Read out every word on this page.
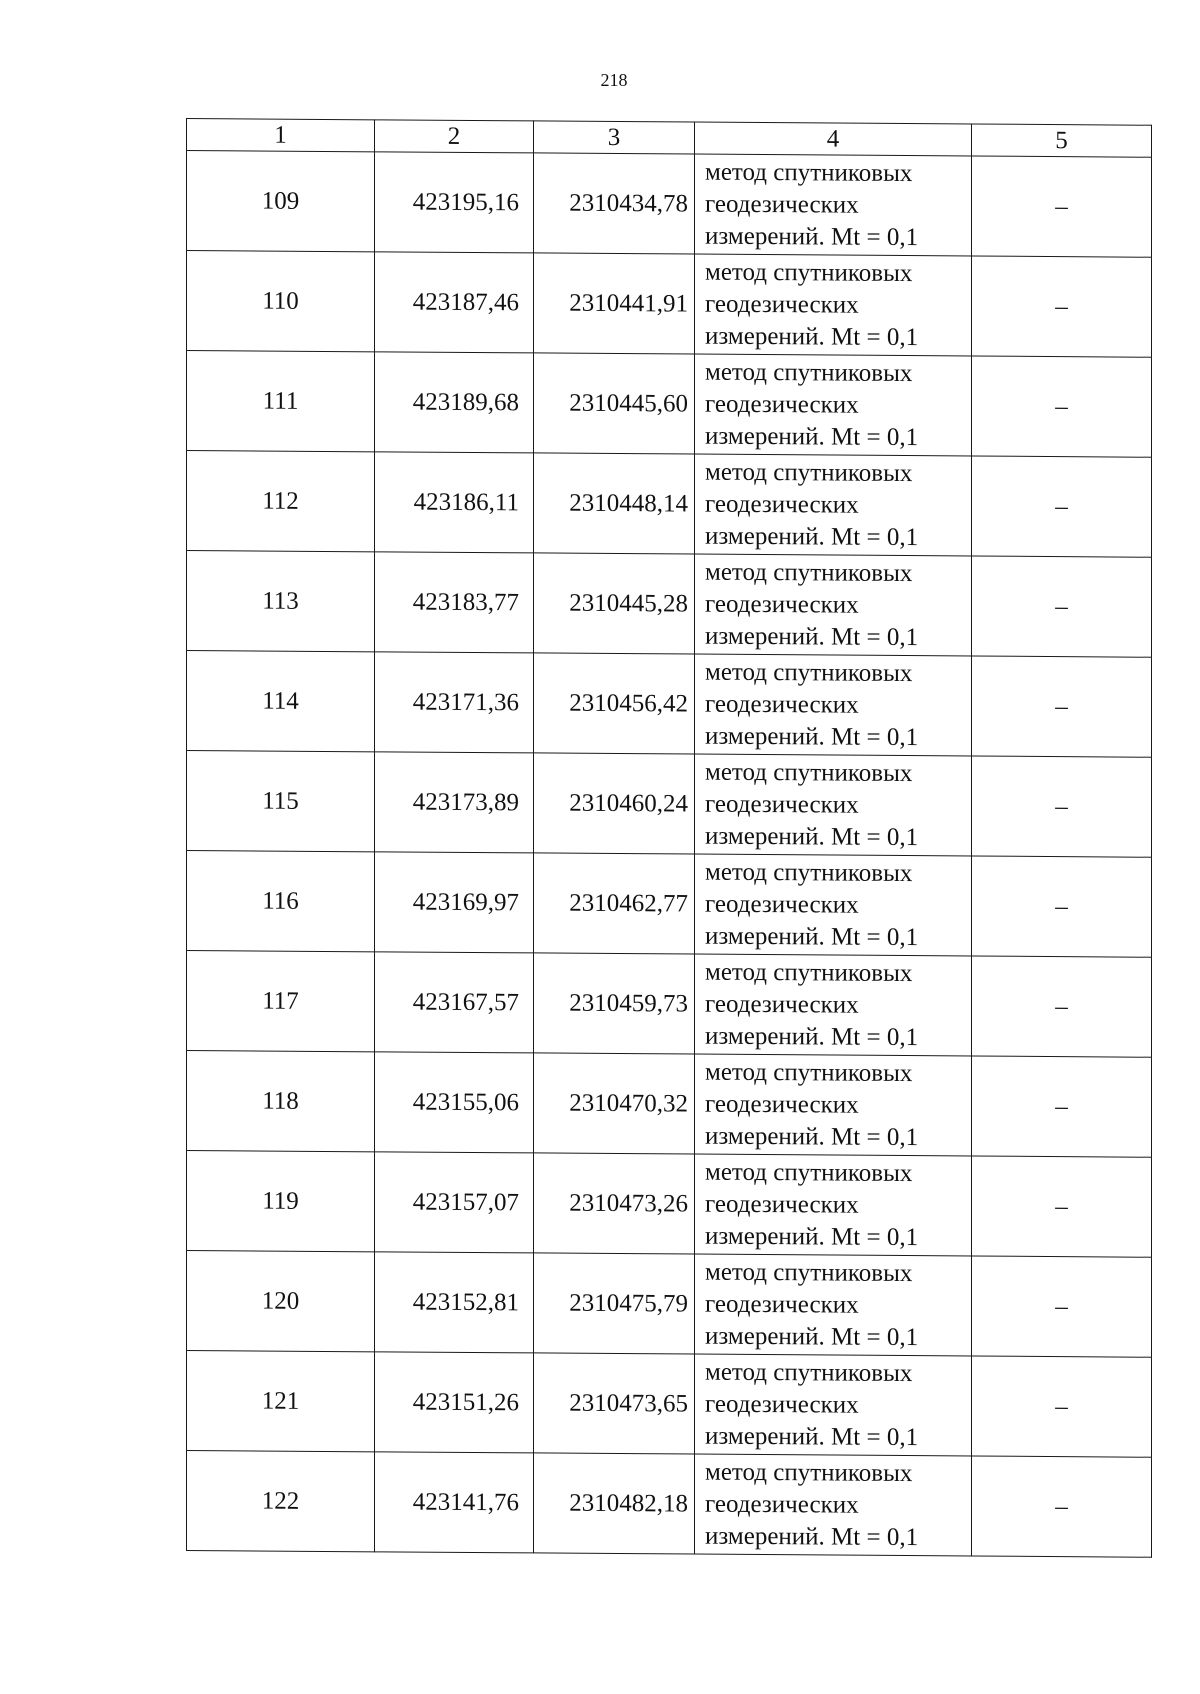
218
1	2	3	4	5
109	423195,16	2310434,78	метод спутниковых
геодезических
измерений. Mt = 0,1	–
110	423187,46	2310441,91	метод спутниковых
геодезических
измерений. Mt = 0,1	–
111	423189,68	2310445,60	метод спутниковых
геодезических
измерений. Mt = 0,1	–
112	423186,11	2310448,14	метод спутниковых
геодезических
измерений. Mt = 0,1	–
113	423183,77	2310445,28	метод спутниковых
геодезических
измерений. Mt = 0,1	–
114	423171,36	2310456,42	метод спутниковых
геодезических
измерений. Mt = 0,1	–
115	423173,89	2310460,24	метод спутниковых
геодезических
измерений. Mt = 0,1	–
116	423169,97	2310462,77	метод спутниковых
геодезических
измерений. Mt = 0,1	–
117	423167,57	2310459,73	метод спутниковых
геодезических
измерений. Mt = 0,1	–
118	423155,06	2310470,32	метод спутниковых
геодезических
измерений. Mt = 0,1	–
119	423157,07	2310473,26	метод спутниковых
геодезических
измерений. Mt = 0,1	–
120	423152,81	2310475,79	метод спутниковых
геодезических
измерений. Mt = 0,1	–
121	423151,26	2310473,65	метод спутниковых
геодезических
измерений. Mt = 0,1	–
122	423141,76	2310482,18	метод спутниковых
геодезических
измерений. Mt = 0,1	–
